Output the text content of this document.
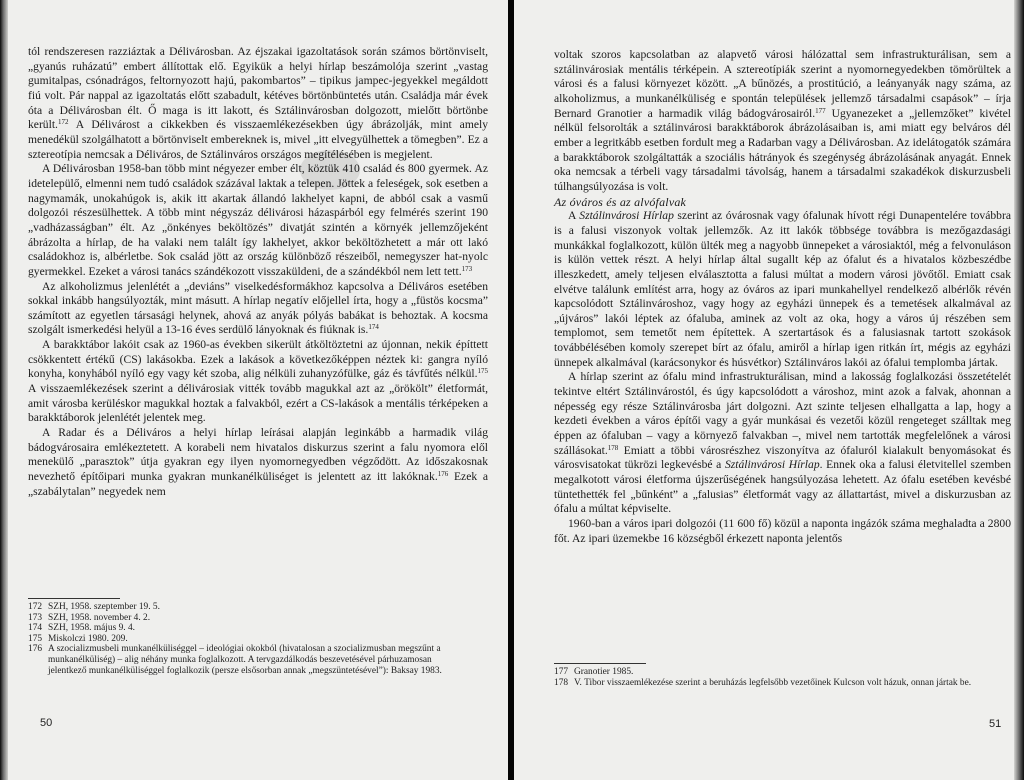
tól rendszeresen razziáztak a Délivárosban. Az éjszakai igazoltatások során számos börtönviselt, „gyanús ruházatú” embert állítottak elő. Egyikük a helyi hírlap beszámolója szerint „vastag gumitalpas, csónadrágos, feltornyozott hajú, pakombartos” – tipikus jampec-jegyekkel megáldott fiú volt. Pár nappal az igazoltatás előtt szabadult, kétéves börtönbüntetés után. Családja már évek óta a Délivárosban élt. Ő maga is itt lakott, és Sztálinvárosban dolgozott, mielőtt börtönbe került.$^{172}$ A Délivárost a cikkekben és visszaemlékezésekben úgy ábrázolják, mint amely menedékül szolgálhatott a börtönviselt embereknek is, mivel „itt elvegyülhettek a tömegben”. Ez a sztereotípia nemcsak a Déliváros, de Sztálinváros országos megítélésében is megjelent.

A Délivárosban 1958-ban több mint négyezer ember élt, köztük 410 család és 800 gyermek. Az idetelepülő, elmenni nem tudó családok százával laktak a telepen. Jöttek a feleségek, sok esetben a nagymamák, unokahúgok is, akik itt akartak állandó lakhelyet kapni, de abból csak a vasmű dolgozói részesülhettek. A több mint négyszáz délivárosi házaspárból egy felmérés szerint 190 „vadházasságban” élt. Az „önkényes beköltözés” divatját szintén a környék jellemzőjeként ábrázolta a hírlap, de ha valaki nem talált így lakhelyet, akkor beköltözhetett a már ott lakó családokhoz is, albérletbe. Sok család jött az ország különböző részeiből, nemegyszer hat-nyolc gyermekkel. Ezeket a városi tanács szándékozott visszaküldeni, de a szándékból nem lett tett.$^{173}$

Az alkoholizmus jelenlétét a „deviáns” viselkedésformákhoz kapcsolva a Déliváros esetében sokkal inkább hangsúlyozták, mint másutt. A hírlap negatív előjellel írta, hogy a „füstös kocsma” számított az egyetlen társasági helynek, ahová az anyák pólyás babákat is behoztak. A kocsma szolgált ismerkedési helyül a 13-16 éves serdülő lányoknak és fiúknak is.$^{174}$

A barakktábor lakóit csak az 1960-as években sikerült átköltöztetni az újonnan, nekik építtett csökkentett értékű (CS) lakásokba. Ezek a lakások a következőképpen néztek ki: gangra nyíló konyha, konyhából nyíló egy vagy két szoba, alig nélküli zuhanyzófülke, gáz és távfűtés nélkül.$^{175}$ A visszaemlékezések szerint a délivárosiak vitték tovább magukkal azt az „örökölt” életformát, amit városba kerüléskor magukkal hoztak a falvakból, ezért a CS-lakások a mentális térképeken a barakktáborok jelenlétét jelentek meg.

A Radar és a Déliváros a helyi hírlap leírásai alapján leginkább a harmadik világ bádogvárosaira emlékeztetett. A korabeli nem hivatalos diskurzus szerint a falu nyomora elől menekülő „parasztok” útja gyakran egy ilyen nyomornegyedben végződött. Az időszakosnak nevezhető építőipari munka gyakran munkanélküliséget is jelentett az itt lakóknak.$^{176}$ Ezek a „szabálytalan” negyedek nem

172 SZH, 1958. szeptember 19. 5.
173 SZH, 1958. november 4. 2.
174 SZH, 1958. május 9. 4.
175 Miskolczi 1980. 209.
176 A szocializmusbeli munkanélküliséggel – ideológiai okokból (hivatalosan a szocializmusban megszűnt a munkanélküliség) – alig néhány munka foglalkozott. A tervgazdálkodás beszevetésével párhuzamosan jelentkező munkanélküliséggel foglalkozik (persze elsősorban annak „megszüntetésével”): Baksay 1983.
50

voltak szoros kapcsolatban az alapvető városi hálózattal sem infrastrukturálisan, sem a sztálinvárosiak mentális térképein. A sztereotípiák szerint a nyomornegyedekben tömörültek a városi és a falusi környezet között. „A bűnözés, a prostitúció, a leányanyák nagy száma, az alkoholizmus, a munkanélküliség e spontán települések jellemző társadalmi csapások” – írja Bernard Granotier a harmadik világ bádogvárosairól.$^{177}$ Ugyanezeket a „jellemzőket” kivétel nélkül felsorolták a sztálinvárosi barakktáborok ábrázolásaiban is, ami miatt egy belváros dél ember a legritkább esetben fordult meg a Radarban vagy a Délivárosban. Az idelátogatók számára a barakktáborok szolgáltatták a szociális hátrányok és szegénység ábrázolásának anyagát. Ennek oka nemcsak a térbeli vagy társadalmi távolság, hanem a társadalmi szakadékok diskurzusbeli túlhangsúlyozása is volt.

Az óváros és az alvófalvak

A Sztálinvárosi Hírlap szerint az óvárosnak vagy ófalunak hívott régi Dunapentelére továbbra is a falusi viszonyok voltak jellemzők. Az itt lakók többsége továbbra is mezőgazdasági munkákkal foglalkozott, külön ülték meg a nagyobb ünnepeket a városiaktól, még a felvonuláson is külön vettek részt. A helyi hírlap által sugallt kép az ófalut és a hivatalos közbeszédbe illeszkedett, amely teljesen elválasztotta a falusi múltat a modern városi jövőtől. Emiatt csak elvétve találunk említést arra, hogy az óváros az ipari munkahellyel rendelkező albérlők révén kapcsolódott Sztálinvároshoz, vagy hogy az egyházi ünnepek és a temetések alkalmával az „újváros” lakói léptek az ófaluba, aminek az volt az oka, hogy a város új részében sem templomot, sem temetőt nem építettek. A szertartások és a falusiasnak tartott szokások továbbélésében komoly szerepet bírt az ófalu, amiről a hírlap igen ritkán írt, mégis az egyházi ünnepek alkalmával (karácsonykor és húsvétkor) Sztálinváros lakói az ófalui templomba jártak.

A hírlap szerint az ófalu mind infrastrukturálisan, mind a lakosság foglalkozási összetételét tekintve eltért Sztálinvárostól, és úgy kapcsolódott a városhoz, mint azok a falvak, ahonnan a népesség egy része Sztálinvárosba járt dolgozni. Azt szinte teljesen elhallgatta a lap, hogy a kezdeti években a város építői vagy a gyár munkásai és vezetői közül rengeteget szálltak meg éppen az ófaluban – vagy a környező falvakban –, mivel nem tartották megfelelőnek a városi szállásokat.$^{178}$ Emiatt a többi városrészhez viszonyítva az ófaluról kialakult benyomásokat és városvisatokat tükrözi legkevésbé a Sztálinvárosi Hírlap. Ennek oka a falusi életvitellel szemben megalkotott városi életforma újszerűségének hangsúlyozása lehetett. Az ófalu esetében kevésbé tüntethették fel „bűnként” a „falusias” életformát vagy az állattartást, mivel a diskurzusban az ófalu a múltat képviselte.

1960-ban a város ipari dolgozói (11 600 fő) közül a napontа ingázók száma meghaladta a 2800 főt. Az ipari üzemekbe 16 községből érkezett naponta jelentős

177 Granotier 1985.
178 V. Tibor visszaemlékezése szerint a beruházás legfelsőbb vezetőinek Kulcson volt házuk, onnan jártak be.
51
